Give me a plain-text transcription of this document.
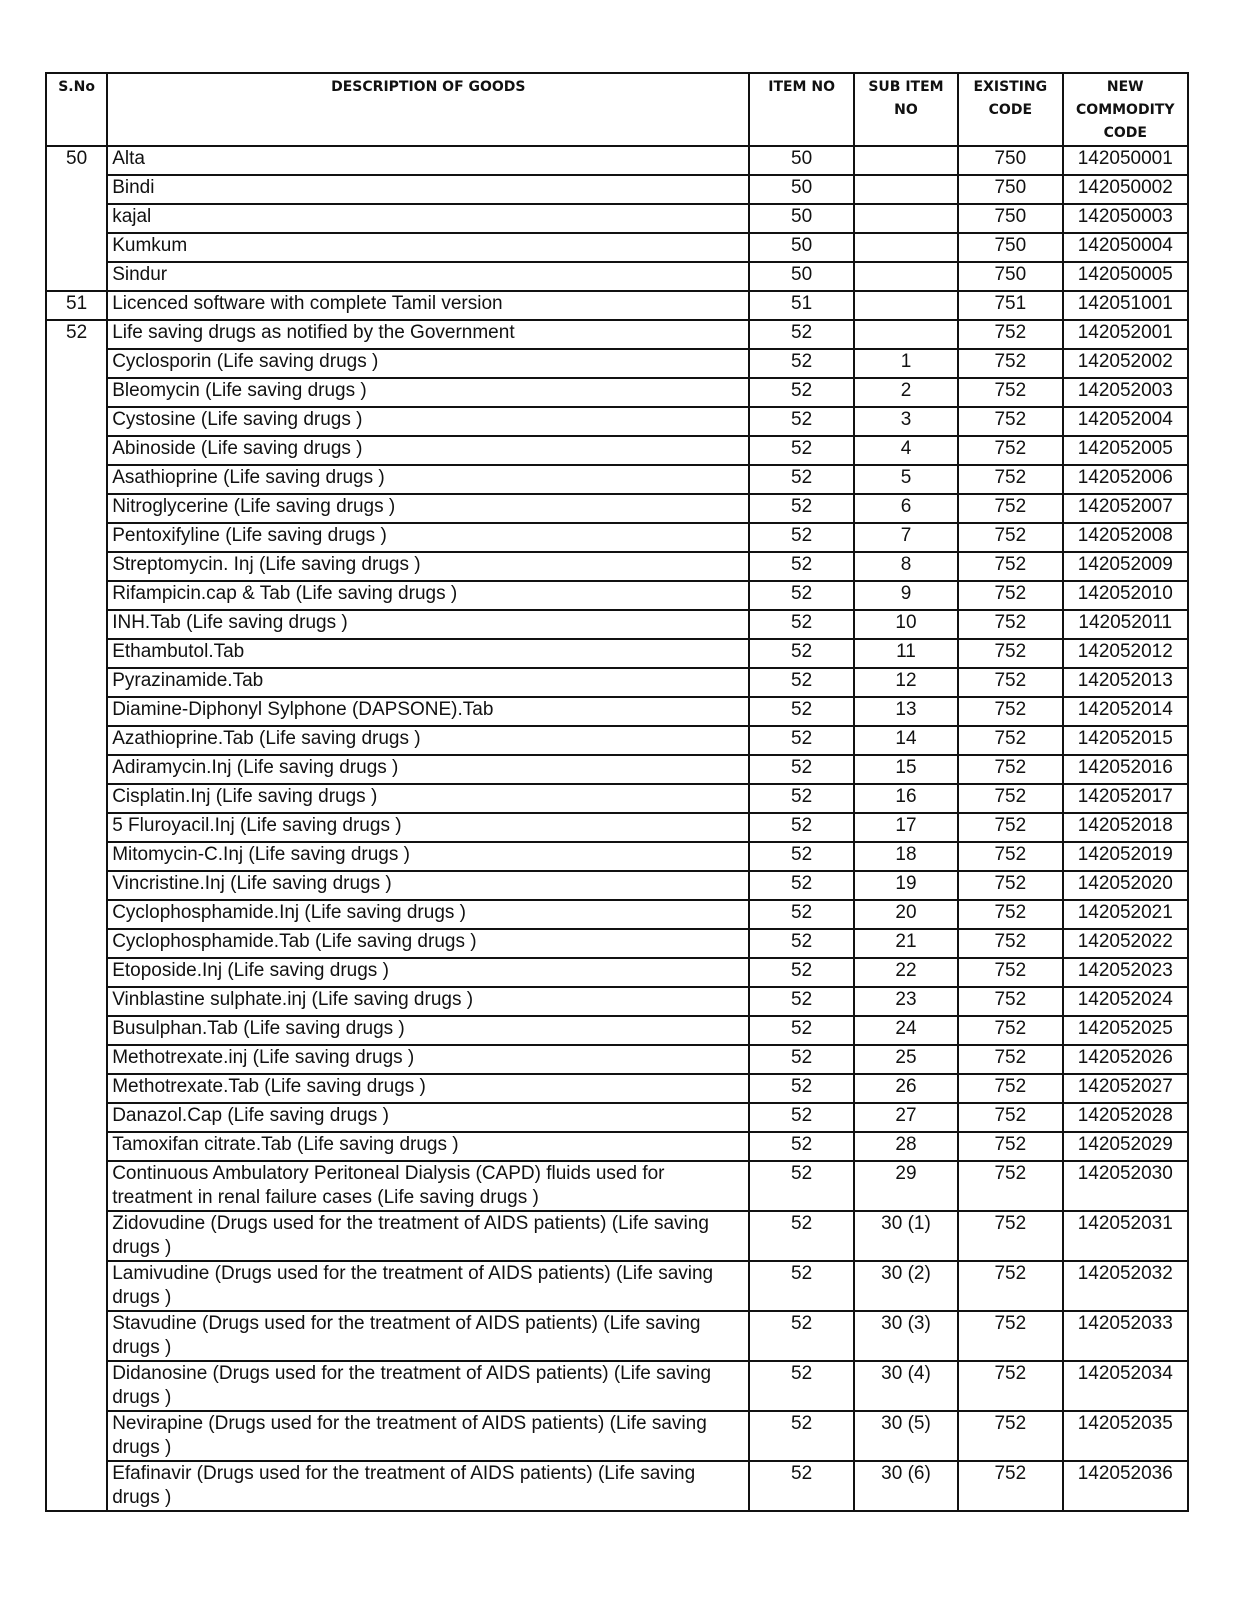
S.No	DESCRIPTION OF GOODS	ITEM NO	SUB ITEM NO	EXISTING CODE	NEW COMMODITY CODE
50	Alta	50		750	142050001
	Bindi	50		750	142050002
	kajal	50		750	142050003
	Kumkum	50		750	142050004
	Sindur	50		750	142050005
51	Licenced software with complete Tamil version	51		751	142051001
52	Life saving drugs as notified by the Government	52		752	142052001
	Cyclosporin (Life saving drugs )	52	1	752	142052002
	Bleomycin (Life saving drugs )	52	2	752	142052003
	Cystosine (Life saving drugs )	52	3	752	142052004
	Abinoside (Life saving drugs )	52	4	752	142052005
	Asathioprine (Life saving drugs )	52	5	752	142052006
	Nitroglycerine (Life saving drugs )	52	6	752	142052007
	Pentoxifyline (Life saving drugs )	52	7	752	142052008
	Streptomycin. Inj (Life saving drugs )	52	8	752	142052009
	Rifampicin.cap & Tab (Life saving drugs )	52	9	752	142052010
	INH.Tab (Life saving drugs )	52	10	752	142052011
	Ethambutol.Tab	52	11	752	142052012
	Pyrazinamide.Tab	52	12	752	142052013
	Diamine-Diphonyl Sylphone (DAPSONE).Tab	52	13	752	142052014
	Azathioprine.Tab (Life saving drugs )	52	14	752	142052015
	Adiramycin.Inj (Life saving drugs )	52	15	752	142052016
	Cisplatin.Inj (Life saving drugs )	52	16	752	142052017
	5 Fluroyacil.Inj (Life saving drugs )	52	17	752	142052018
	Mitomycin-C.Inj (Life saving drugs )	52	18	752	142052019
	Vincristine.Inj (Life saving drugs )	52	19	752	142052020
	Cyclophosphamide.Inj (Life saving drugs )	52	20	752	142052021
	Cyclophosphamide.Tab (Life saving drugs )	52	21	752	142052022
	Etoposide.Inj (Life saving drugs )	52	22	752	142052023
	Vinblastine sulphate.inj (Life saving drugs )	52	23	752	142052024
	Busulphan.Tab (Life saving drugs )	52	24	752	142052025
	Methotrexate.inj (Life saving drugs )	52	25	752	142052026
	Methotrexate.Tab (Life saving drugs )	52	26	752	142052027
	Danazol.Cap (Life saving drugs )	52	27	752	142052028
	Tamoxifan citrate.Tab (Life saving drugs )	52	28	752	142052029
	Continuous Ambulatory Peritoneal Dialysis (CAPD) fluids used for treatment in renal failure cases (Life saving drugs )	52	29	752	142052030
	Zidovudine (Drugs used for the treatment of AIDS patients) (Life saving drugs )	52	30 (1)	752	142052031
	Lamivudine (Drugs used for the treatment of AIDS patients) (Life saving drugs )	52	30 (2)	752	142052032
	Stavudine (Drugs used for the treatment of AIDS patients) (Life saving drugs )	52	30 (3)	752	142052033
	Didanosine (Drugs used for the treatment of AIDS patients) (Life saving drugs )	52	30 (4)	752	142052034
	Nevirapine (Drugs used for the treatment of AIDS patients) (Life saving drugs )	52	30 (5)	752	142052035
	Efafinavir (Drugs used for the treatment of AIDS patients) (Life saving drugs )	52	30 (6)	752	142052036
